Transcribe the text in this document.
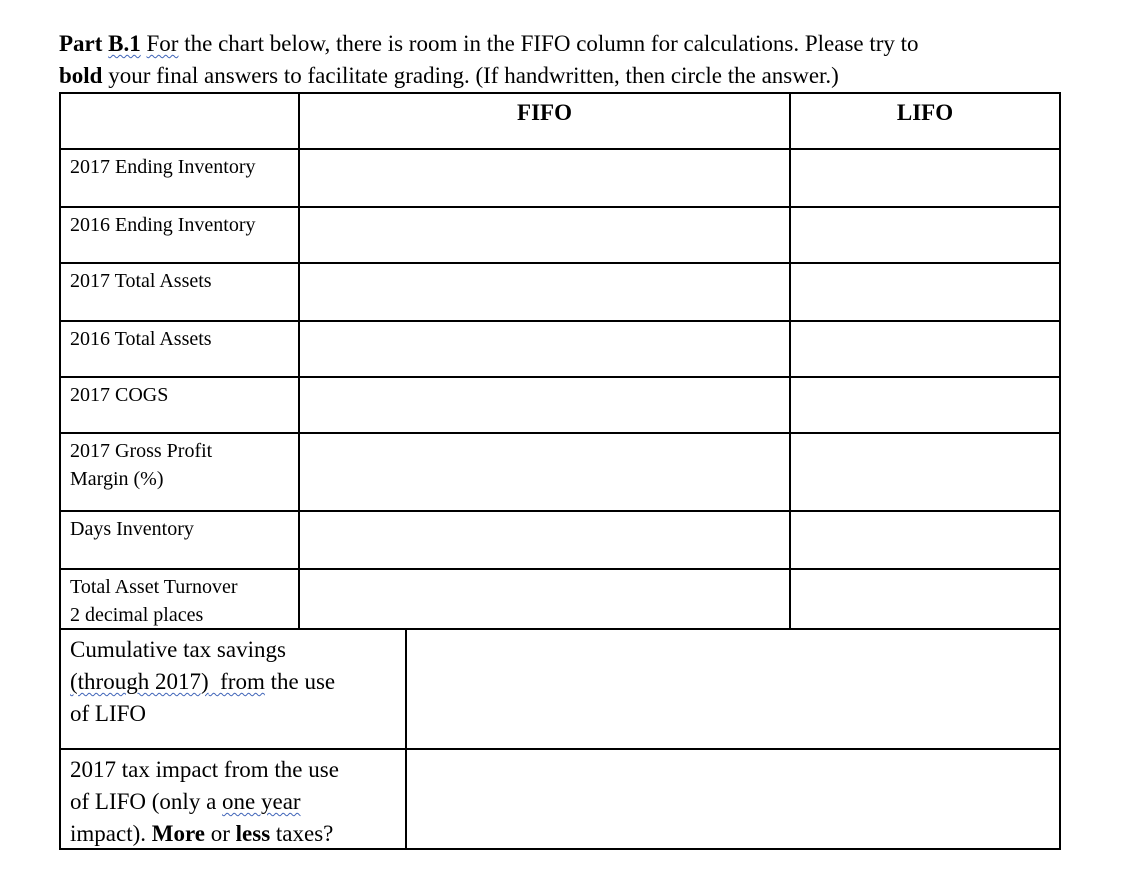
Part B.1 For the chart below, there is room in the FIFO column for calculations. Please try to
bold your final answers to facilitate grading. (If handwritten, then circle the answer.)

FIFO	LIFO
2017 Ending Inventory
2016 Ending Inventory
2017 Total Assets
2016 Total Assets
2017 COGS
2017 Gross Profit
Margin (%)
Days Inventory
Total Asset Turnover
2 decimal places
Cumulative tax savings
(through 2017)  from the use
of LIFO
2017 tax impact from the use
of LIFO (only a one year
impact). More or less taxes?
